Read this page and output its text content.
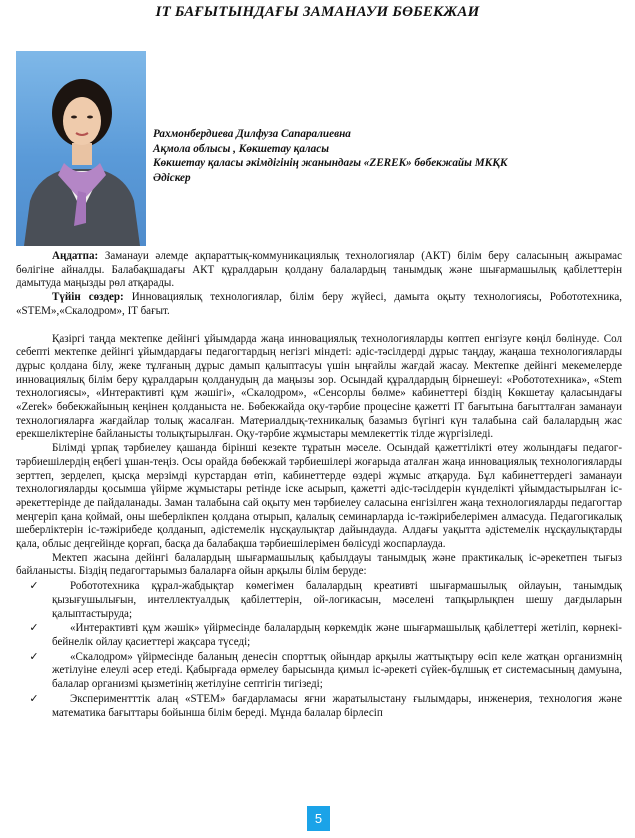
IT БАҒЫТЫНДАҒЫ ЗАМАНАУИ БӨБЕКЖАИ
Рахмонбердиева Дилфуза Сапаралиевна
Ақмола облысы , Көкшетау қаласы
Көкшетау қаласы әкімдігінің жанындағы «ZEREK» бөбекжайы МКҚК
Әдіскер

Аңдатпа: Заманауи әлемде ақпараттық-коммуникациялық технологиялар (АКТ) білім беру саласының ажырамас бөлігіне айналды. Балабақшадағы АКТ құралдарын қолдану балалардың танымдық және шығармашылық қабілеттерін дамытуда маңызды рөл атқарады.

Түйін сөздер: Инновациялық технологиялар, білім беру жүйесі, дамыта оқыту технологиясы, Робототехника, «STEM»,«Скалодром», IT бағыт.

Қазіргі таңда мектепке дейінгі ұйымдарда жаңа инновациялық технологияларды көптеп енгізуге көңіл бөлінуде. Сол себепті мектепке дейінгі ұйымдардағы педагогтардың негізгі міндеті: әдіс-тәсілдерді дұрыс таңдау, жаңаша технологияларды дұрыс қолдана білу, жеке тұлғаның дұрыс дамып қалыптасуы үшін ыңғайлы жағдай жасау. Мектепке дейінгі мекемелерде инновациялық білім беру құралдарын қолданудың да маңызы зор. Осындай құралдардың бірнешеуі: «Робототехника», «Stem технологиясы», «Интерактивті құм жәшігі», «Скалодром», «Сенсорлы бөлме» кабинеттері біздің Көкшетау қаласындағы «Zerek» бөбекжайының кеңінен қолданыста не. Бөбекжайда оқу-тәрбие процесіне қажетті IT бағытына бағытталған заманауи технологияларға жағдайлар толық жасалған. Материалдық-техникалық базамыз бүгінгі күн талабына сай балалардың жас ерекшеліктеріне байланысты толықтырылған. Оқу-тәрбие жұмыстары мемлекеттік тілде жүргізіледі.

Білімді ұрпақ тәрбиелеу қашанда бірінші кезекте тұратын мәселе. Осындай қажеттілікті өтеу жолындағы педагог-тәрбиешілердің еңбегі ұшан-теңіз. Осы орайда бөбекжай тәрбиешілері жоғарыда аталған жаңа инновациялық технологияларды зерттеп, зерделеп, қысқа мерзімді курстардан өтіп, кабинеттерде өздері жұмыс атқаруда. Бұл кабинеттердегі заманауи технологияларды қосымша үйірме жұмыстары ретінде іске асырып, қажетті әдіс-тәсілдерін күнделікті ұйымдастырылған іс-әрекеттерінде де пайдаланады. Заман талабына сай оқыту мен тәрбиелеу саласына енгізілген жаңа технологияларды педагогтар меңгеріп қана қоймай, оны шеберлікпен қолдана отырып, қалалық семинарларда іс-тәжірибелерімен алмасуда. Педагогикалық шеберліктерін іс-тәжірибеде қолданып, әдістемелік нұсқаулықтар дайындауда. Алдағы уақытта әдістемелік нұсқаулықтарды қала, облыс деңгейінде қорғап, басқа да балабақша тәрбиешілерімен бөлісуді жоспарлауда.

Мектеп жасына дейінгі балалардың шығармашылық қабылдауы танымдық және практикалық іс-әрекетпен тығыз байланысты. Біздің педагогтарымыз балаларға ойын арқылы білім беруде:

✓	Робототехника құрал-жабдықтар көмегімен балалардың креативті шығармашылық ойлауын, танымдық қызығушылығын, интеллектуалдық қабілеттерін, ой-логикасын, мәселені тапқырлықпен шешу дағдыларын қалыптастыруда;

✓	«Интерактивті құм жәшік» үйірмесінде балалардың көркемдік және шығармашылық қабілеттері жетіліп, көрнекі-бейнелік ойлау қасиеттері жақсара түседі;

✓	«Скалодром» үйірмесінде баланың денесін спорттық ойындар арқылы жаттықтыру өсіп келе жатқан организмнің жетілуіне елеулі әсер етеді. Қабырғада өрмелеу барысында қимыл іс-әрекеті сүйек-бұлшық ет системасының дамуына, балалар организмі қызметінің жетілуіне септігін тигізеді;

✓	Экспериментттік алаң «STEM» бағдарламасы яғни жаратылыстану ғылымдары, инженерия, технология және математика бағыттары бойынша білім береді. Мұнда балалар бірлесіп

5
